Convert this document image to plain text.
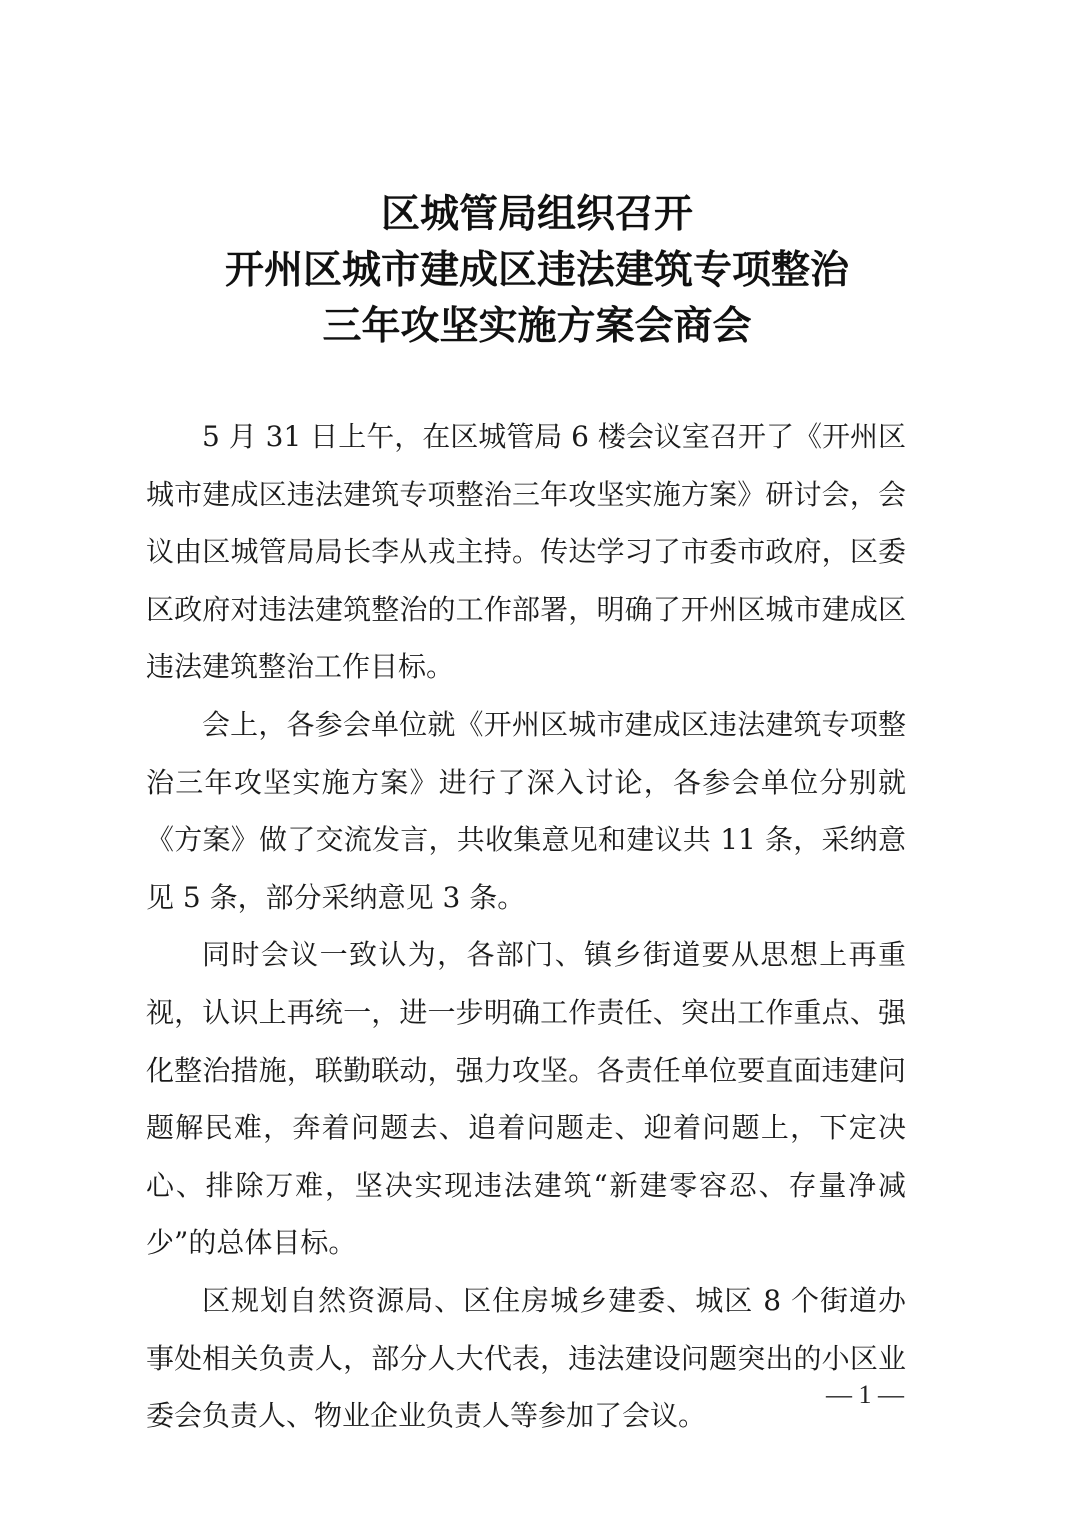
区城管局组织召开
开州区城市建成区违法建筑专项整治
三年攻坚实施方案会商会

5 月 31 日上午，在区城管局 6 楼会议室召开了《开州区城市建成区违法建筑专项整治三年攻坚实施方案》研讨会，会议由区城管局局长李从戎主持。传达学习了市委市政府，区委区政府对违法建筑整治的工作部署，明确了开州区城市建成区违法建筑整治工作目标。

会上，各参会单位就《开州区城市建成区违法建筑专项整治三年攻坚实施方案》进行了深入讨论，各参会单位分别就《方案》做了交流发言，共收集意见和建议共 11 条，采纳意见 5 条，部分采纳意见 3 条。

同时会议一致认为，各部门、镇乡街道要从思想上再重视，认识上再统一，进一步明确工作责任、突出工作重点、强化整治措施，联勤联动，强力攻坚。各责任单位要直面违建问题解民难，奔着问题去、追着问题走、迎着问题上，下定决心、排除万难，坚决实现违法建筑“新建零容忍、存量净减少”的总体目标。

区规划自然资源局、区住房城乡建委、城区 8 个街道办事处相关负责人，部分人大代表，违法建设问题突出的小区业委会负责人、物业企业负责人等参加了会议。

— 1 —
